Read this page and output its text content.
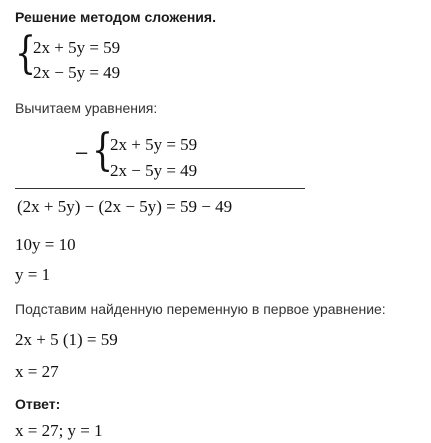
Решение методом сложения.
{
2x + 5y = 59
2x − 5y = 49
Вычитаем уравнения:
− {
2x + 5y = 59
2x − 5y = 49
(2x + 5y) − (2x − 5y) = 59 − 49
10y = 10
y = 1
Подставим найденную переменную в первое уравнение:
2x + 5 (1) = 59
x = 27
Ответ:
x = 27; y = 1
